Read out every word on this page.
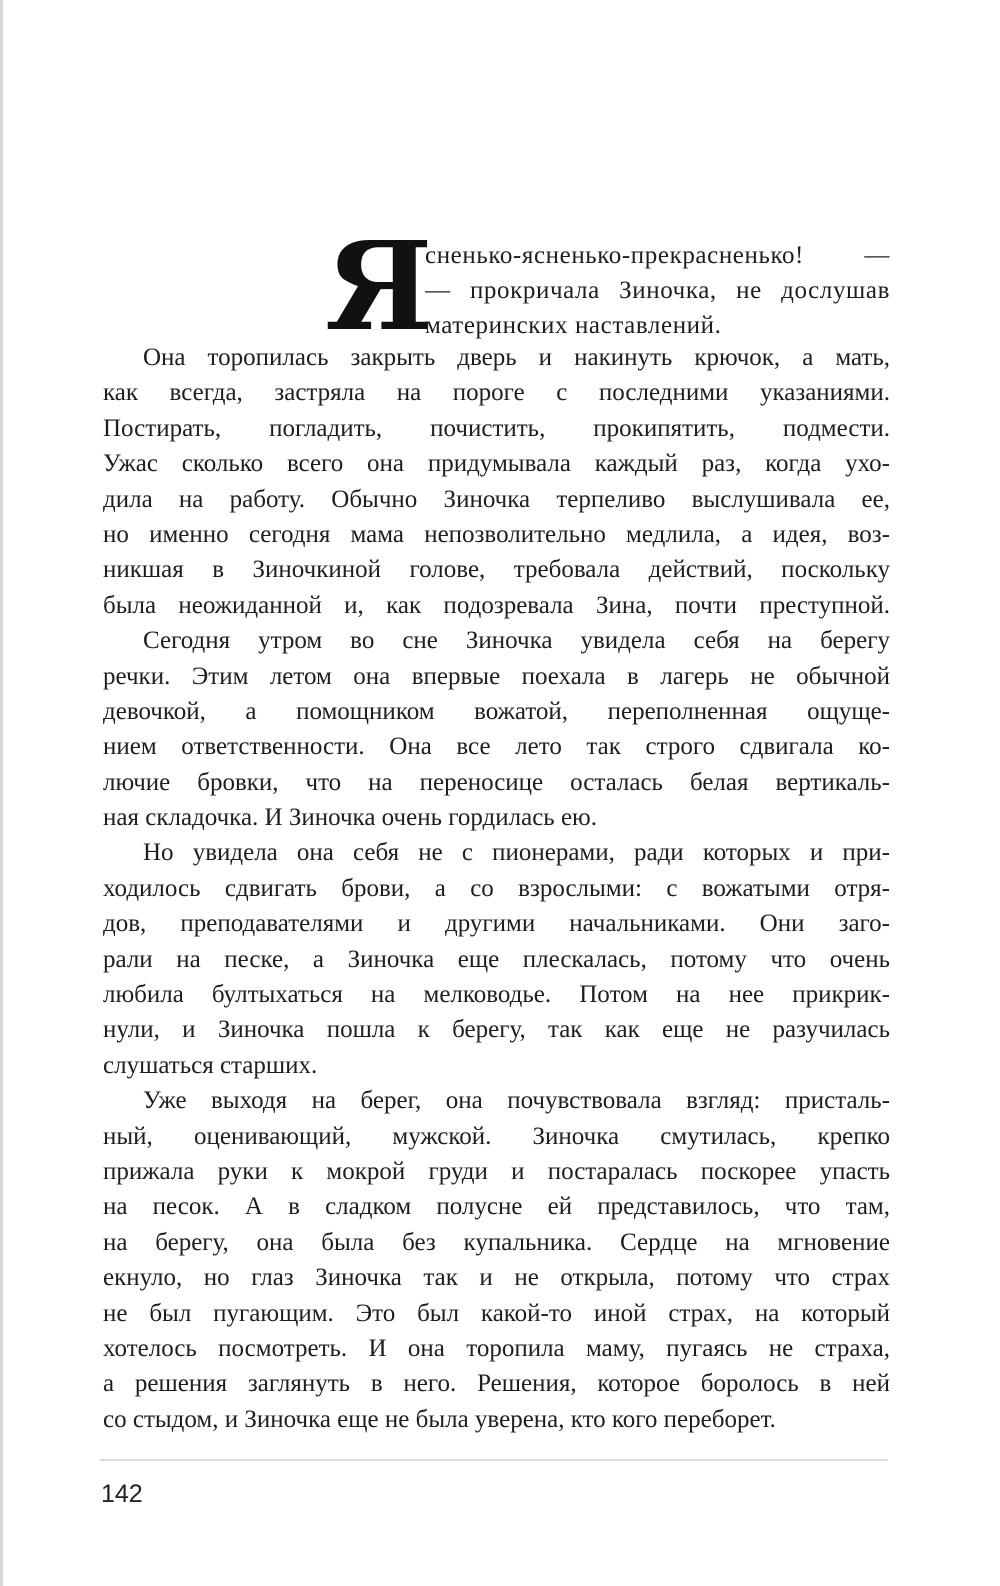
Я
сненько-ясненько-прекрасненько! —
— прокричала Зиночка, не дослушав
материнских наставлений.
Она торопилась закрыть дверь и накинуть крючок, а мать,
как всегда, застряла на пороге с последними указаниями.
Постирать, погладить, почистить, прокипятить, подмести.
Ужас сколько всего она придумывала каждый раз, когда ухо-
дила на работу. Обычно Зиночка терпеливо выслушивала ее,
но именно сегодня мама непозволительно медлила, а идея, воз-
никшая в Зиночкиной голове, требовала действий, поскольку
была неожиданной и, как подозревала Зина, почти преступной.
Сегодня утром во сне Зиночка увидела себя на берегу
речки. Этим летом она впервые поехала в лагерь не обычной
девочкой, а помощником вожатой, переполненная ощуще-
нием ответственности. Она все лето так строго сдвигала ко-
лючие бровки, что на переносице осталась белая вертикаль-
ная складочка. И Зиночка очень гордилась ею.
Но увидела она себя не с пионерами, ради которых и при-
ходилось сдвигать брови, а со взрослыми: с вожатыми отря-
дов, преподавателями и другими начальниками. Они заго-
рали на песке, а Зиночка еще плескалась, потому что очень
любила бултыхаться на мелководье. Потом на нее прикрик-
нули, и Зиночка пошла к берегу, так как еще не разучилась
слушаться старших.
Уже выходя на берег, она почувствовала взгляд: присталь-
ный, оценивающий, мужской. Зиночка смутилась, крепко
прижала руки к мокрой груди и постаралась поскорее упасть
на песок. А в сладком полусне ей представилось, что там,
на берегу, она была без купальника. Сердце на мгновение
екнуло, но глаз Зиночка так и не открыла, потому что страх
не был пугающим. Это был какой-то иной страх, на который
хотелось посмотреть. И она торопила маму, пугаясь не страха,
а решения заглянуть в него. Решения, которое боролось в ней
со стыдом, и Зиночка еще не была уверена, кто кого переборет.
142
